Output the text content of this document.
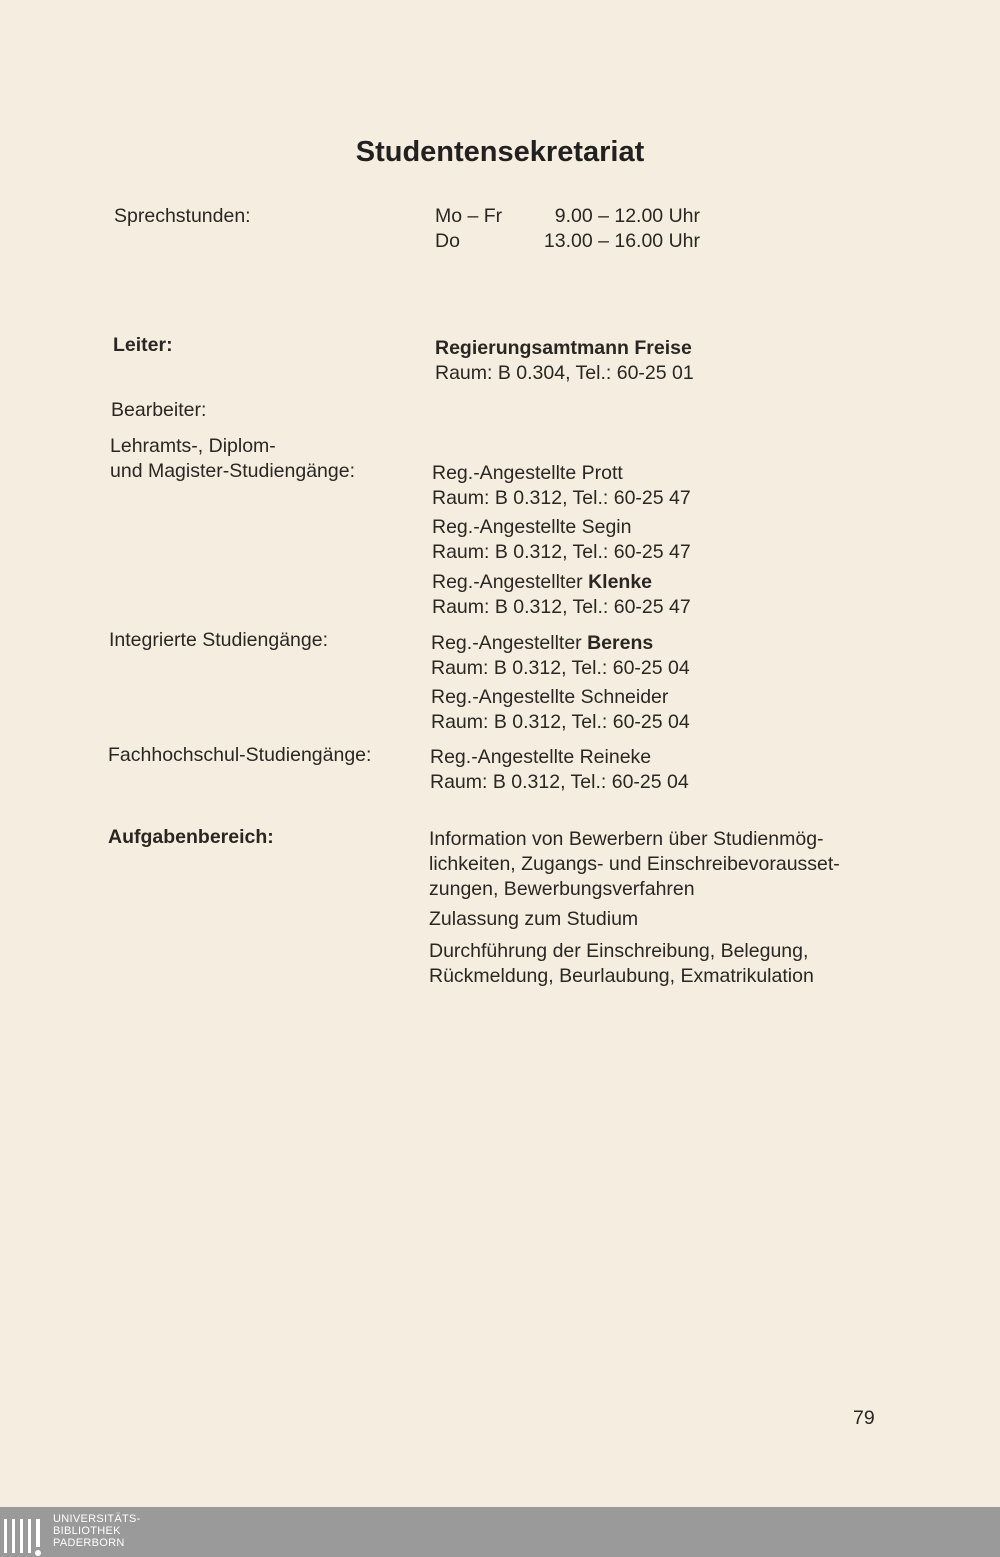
Studentensekretariat
Sprechstunden:	Mo – Fr	9.00 – 12.00 Uhr
Do	13.00 – 16.00 Uhr
Leiter:	Regierungsamtmann Freise
Raum: B 0.304, Tel.: 60-25 01
Bearbeiter:
Lehramts-, Diplom-
und Magister-Studiengänge:	Reg.-Angestellte Prott
Raum: B 0.312, Tel.: 60-25 47
Reg.-Angestellte Segin
Raum: B 0.312, Tel.: 60-25 47
Reg.-Angestellter Klenke
Raum: B 0.312, Tel.: 60-25 47
Integrierte Studiengänge:	Reg.-Angestellter Berens
Raum: B 0.312, Tel.: 60-25 04
Reg.-Angestellte Schneider
Raum: B 0.312, Tel.: 60-25 04
Fachhochschul-Studiengänge:	Reg.-Angestellte Reineke
Raum: B 0.312, Tel.: 60-25 04
Aufgabenbereich:	Information von Bewerbern über Studienmög-
lichkeiten, Zugangs- und Einschreibevorausset-
zungen, Bewerbungsverfahren
Zulassung zum Studium
Durchführung der Einschreibung, Belegung,
Rückmeldung, Beurlaubung, Exmatrikulation
79
UNIVERSITÄTS-
BIBLIOTHEK
PADERBORN
